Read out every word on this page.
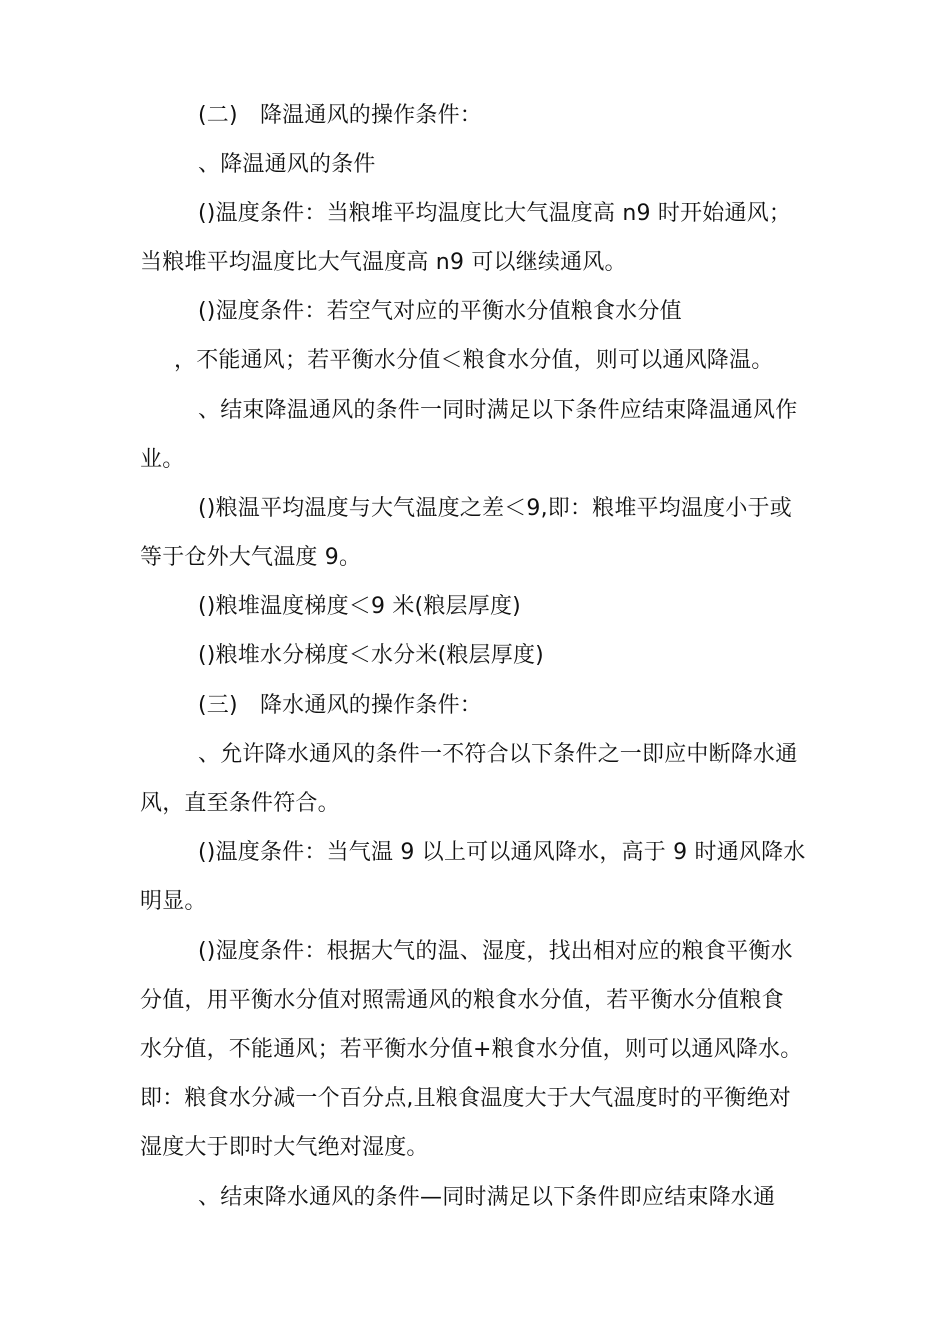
(二)　降温通风的操作条件：
、降温通风的条件
()温度条件：当粮堆平均温度比大气温度高 n9 时开始通风；
当粮堆平均温度比大气温度高 n9 可以继续通风。
()湿度条件：若空气对应的平衡水分值粮食水分值
，不能通风；若平衡水分值＜粮食水分值，则可以通风降温。
、结束降温通风的条件一同时满足以下条件应结束降温通风作
业。
()粮温平均温度与大气温度之差＜9,即：粮堆平均温度小于或
等于仓外大气温度 9。
()粮堆温度梯度＜9 米(粮层厚度)
()粮堆水分梯度＜水分米(粮层厚度)
(三)　降水通风的操作条件：
、允许降水通风的条件一不符合以下条件之一即应中断降水通
风，直至条件符合。
()温度条件：当气温 9 以上可以通风降水，高于 9 时通风降水
明显。
()湿度条件：根据大气的温、湿度，找出相对应的粮食平衡水
分值，用平衡水分值对照需通风的粮食水分值，若平衡水分值粮食
水分值，不能通风；若平衡水分值+粮食水分值，则可以通风降水。
即：粮食水分减一个百分点,且粮食温度大于大气温度时的平衡绝对
湿度大于即时大气绝对湿度。
、结束降水通风的条件—同时满足以下条件即应结束降水通
